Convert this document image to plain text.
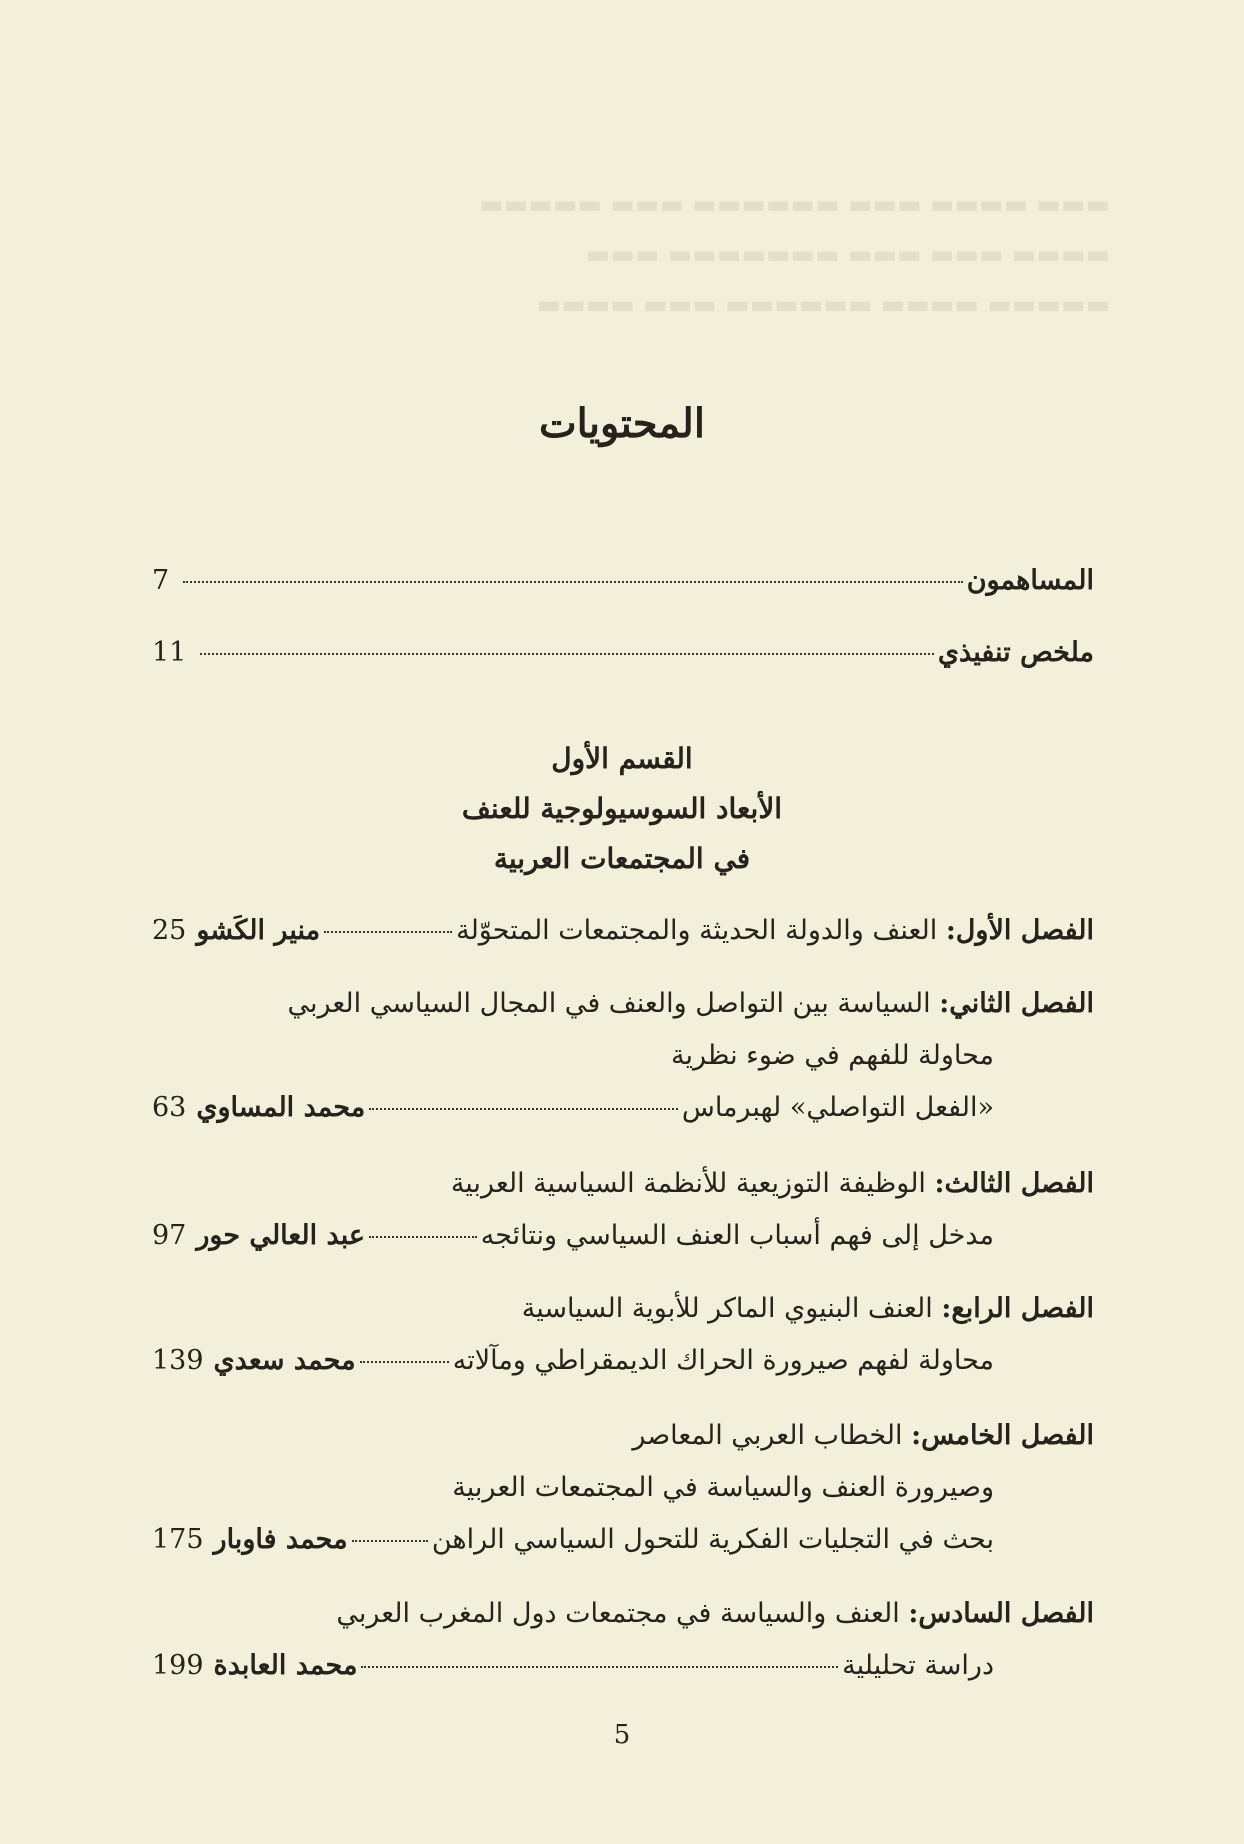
▬▬▬ ▬▬▬▬ ▬▬▬ ▬▬▬▬▬▬ ▬▬▬ ▬▬▬▬▬
▬▬▬▬ ▬▬▬ ▬▬▬ ▬▬▬▬▬▬▬ ▬▬▬
▬▬▬▬▬ ▬▬▬▬ ▬▬▬▬▬▬ ▬▬▬ ▬▬▬▬
المحتويات
المساهمون
7
ملخص تنفيذي
11
القسم الأول
الأبعاد السوسيولوجية للعنف
في المجتمعات العربية
الفصل الأول: العنف والدولة الحديثة والمجتمعات المتحوّلة
منير الكَشو
25
الفصل الثاني: السياسة بين التواصل والعنف في المجال السياسي العربي
محاولة للفهم في ضوء نظرية
«الفعل التواصلي» لهبرماس
محمد المساوي
63
الفصل الثالث: الوظيفة التوزيعية للأنظمة السياسية العربية
مدخل إلى فهم أسباب العنف السياسي ونتائجه
عبد العالي حور
97
الفصل الرابع: العنف البنيوي الماكر للأبوية السياسية
محاولة لفهم صيرورة الحراك الديمقراطي ومآلاته
محمد سعدي
139
الفصل الخامس: الخطاب العربي المعاصر
وصيرورة العنف والسياسة في المجتمعات العربية
بحث في التجليات الفكرية للتحول السياسي الراهن
محمد فاوبار
175
الفصل السادس: العنف والسياسة في مجتمعات دول المغرب العربي
دراسة تحليلية
محمد العابدة
199
5
